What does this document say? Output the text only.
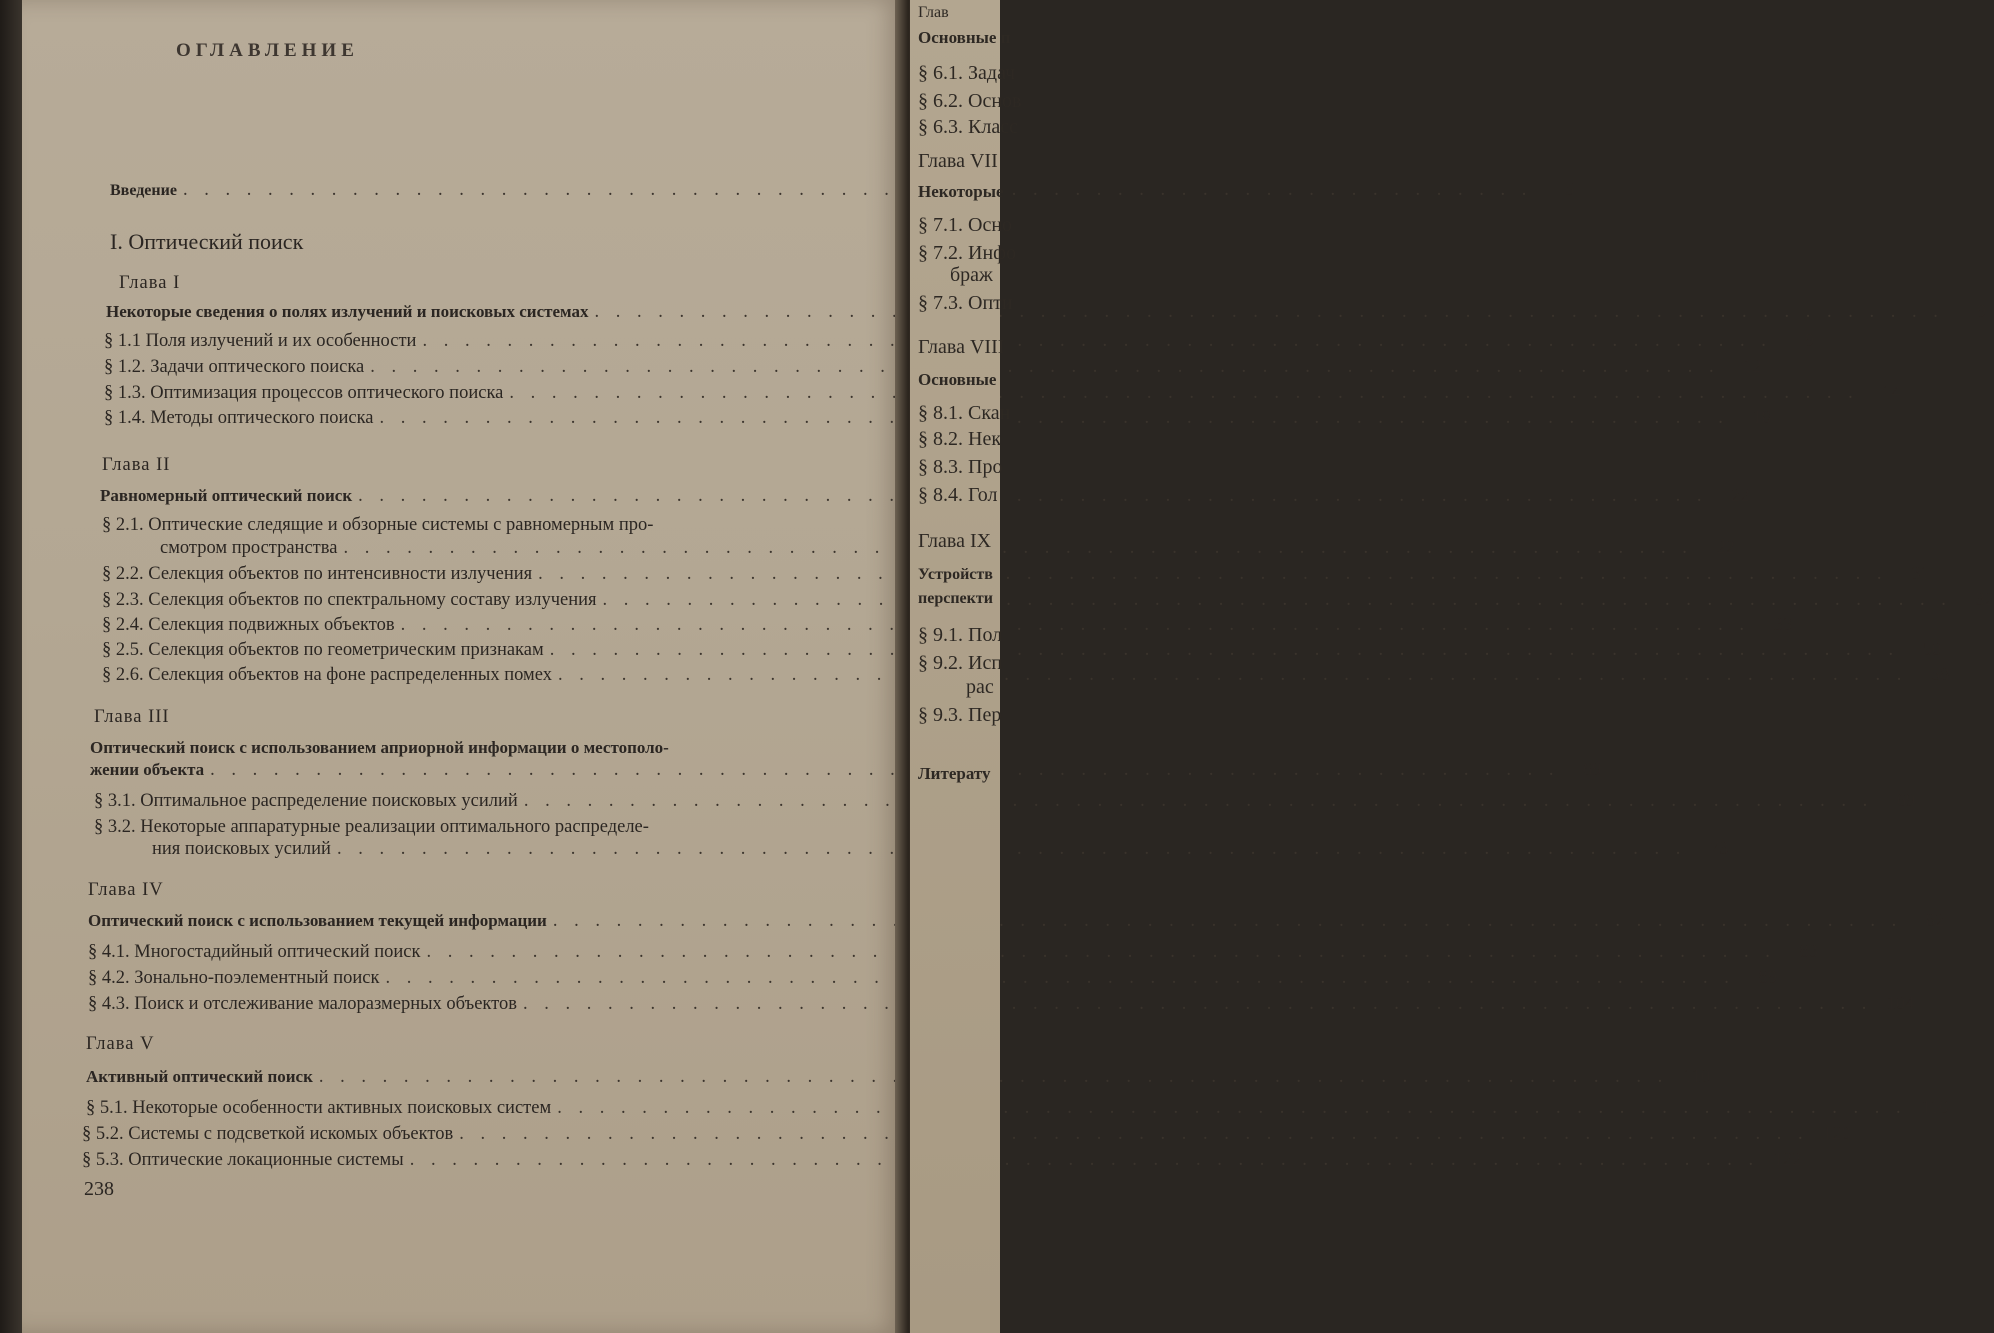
ОГЛАВЛЕНИЕ
Введение . . .	5
I. Оптический поиск
Глава I
Некоторые сведения о полях излучений и поисковых системах . . .	9
§ 1.1 Поля излучений и их особенности . . .	9
§ 1.2. Задачи оптического поиска . . .	12
§ 1.3. Оптимизация процессов оптического поиска . . .	14
§ 1.4. Методы оптического поиска . . .	18
Глава II
Равномерный оптический поиск . . .	22
§ 2.1. Оптические следящие и обзорные системы с равномерным про-
смотром пространства . . .	22
§ 2.2. Селекция объектов по интенсивности излучения . . .	31
§ 2.3. Селекция объектов по спектральному составу излучения . . .	32
§ 2.4. Селекция подвижных объектов . . .	33
§ 2.5. Селекция объектов по геометрическим признакам . . .	50
§ 2.6. Селекция объектов на фоне распределенных помех . . .	58
Глава III
Оптический поиск с использованием априорной информации о местополо-
жении объекта . . .	69
§ 3.1. Оптимальное распределение поисковых усилий . . .	69
§ 3.2. Некоторые аппаратурные реализации оптимального распределе-
ния поисковых усилий . . .	73
Глава IV
Оптический поиск с использованием текущей информации . . .	82
§ 4.1. Многостадийный оптический поиск . . .	83
§ 4.2. Зонально-поэлементный поиск . . .	89
§ 4.3. Поиск и отслеживание малоразмерных объектов . . .	104
Глава V
Активный оптический поиск . . .	110
§ 5.1. Некоторые особенности активных поисковых систем . . .	110
§ 5.2. Системы с подсветкой искомых объектов . . .	120
§ 5.3. Оптические локационные системы . . .	122
238
Глав
Основные п
§ 6.1. Задач
§ 6.2. Основ
§ 6.3. Класс
Глава VII
Некоторые
§ 7.1. Осно
§ 7.2. Инфо
браж
§ 7.3. Опти
Глава VIII
Основные
§ 8.1. Скан
§ 8.2. Нек
§ 8.3. Про
§ 8.4. Гол
Глава IX
Устройств
перспекти
§ 9.1. Пол
§ 9.2. Исп
рас
§ 9.3. Пер
Литерату
